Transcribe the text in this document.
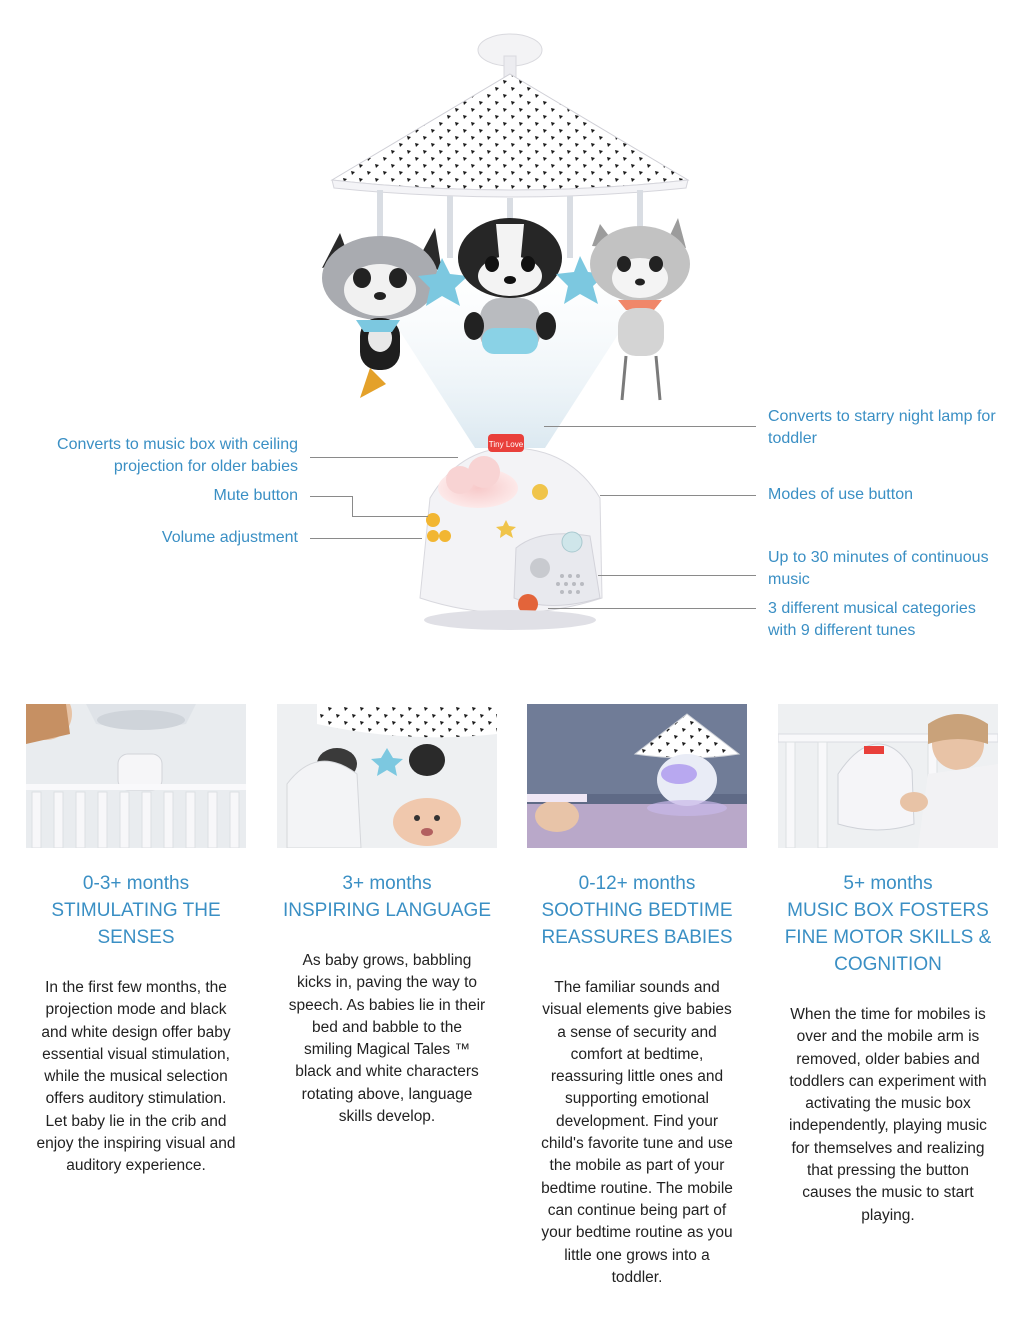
Tiny Love
Converts to music box with ceiling projection for older babies
Mute button
Volume adjustment
Converts to starry night lamp for toddler
Modes of use button
Up to 30 minutes of continuous music
3 different musical categories with 9 different tunes
0-3+ months
STIMULATING THE SENSES
In the first few months, the projection mode and black and white design offer baby essential visual stimulation, while the musical selection offers auditory stimulation. Let baby lie in the crib and enjoy the inspiring visual and auditory experience.
3+ months
INSPIRING LANGUAGE
As baby grows, babbling kicks in, paving the way to speech. As babies lie in their bed and babble to the smiling Magical Tales ™ black and white characters rotating above, language skills develop.
0-12+ months
SOOTHING BEDTIME REASSURES BABIES
The familiar sounds and visual elements give babies a sense of security and comfort at bedtime, reassuring little ones and supporting emotional development. Find your child's favorite tune and use the mobile as part of your bedtime routine. The mobile can continue being part of your bedtime routine as you little one grows into a toddler.
5+ months
MUSIC BOX FOSTERS FINE MOTOR SKILLS & COGNITION
When the time for mobiles is over and the mobile arm is removed, older babies and toddlers can experiment with activating the music box independently, playing music for themselves and realizing that pressing the button causes the music to start playing.
